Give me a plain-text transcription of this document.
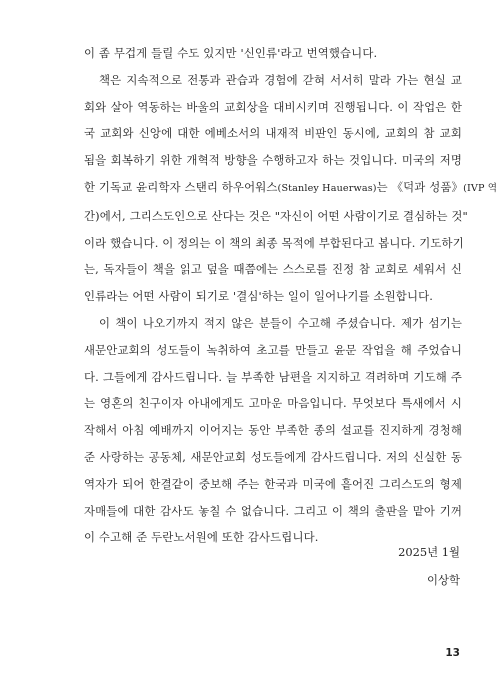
이 좀 무겁게 들릴 수도 있지만 '신인류'라고 번역했습니다.
책은 지속적으로 전통과 관습과 경험에 갇혀 서서히 말라 가는 현실 교
회와 살아 역동하는 바울의 교회상을 대비시키며 진행됩니다. 이 작업은 한
국 교회와 신앙에 대한 에베소서의 내재적 비판인 동시에, 교회의 참 교회
됨을 회복하기 위한 개혁적 방향을 수행하고자 하는 것입니다. 미국의 저명
한 기독교 윤리학자 스탠리 하우어워스(Stanley Hauerwas)는 《덕과 성품》(IVP 역
간)에서, 그리스도인으로 산다는 것은 "자신이 어떤 사람이기로 결심하는 것"
이라 했습니다. 이 정의는 이 책의 최종 목적에 부합된다고 봅니다. 기도하기
는, 독자들이 책을 읽고 덮을 때쯤에는 스스로를 진정 참 교회로 세워서 신
인류라는 어떤 사람이 되기로 '결심'하는 일이 일어나기를 소원합니다.
이 책이 나오기까지 적지 않은 분들이 수고해 주셨습니다. 제가 섬기는
새문안교회의 성도들이 녹취하여 초고를 만들고 윤문 작업을 해 주었습니
다. 그들에게 감사드립니다. 늘 부족한 남편을 지지하고 격려하며 기도해 주
는 영혼의 친구이자 아내에게도 고마운 마음입니다. 무엇보다 특새에서 시
작해서 아침 예배까지 이어지는 동안 부족한 종의 설교를 진지하게 경청해
준 사랑하는 공동체, 새문안교회 성도들에게 감사드립니다. 저의 신실한 동
역자가 되어 한결같이 중보해 주는 한국과 미국에 흩어진 그리스도의 형제
자매들에 대한 감사도 놓칠 수 없습니다. 그리고 이 책의 출판을 맡아 기꺼
이 수고해 준 두란노서원에 또한 감사드립니다.
2025년 1월
이상학
13
